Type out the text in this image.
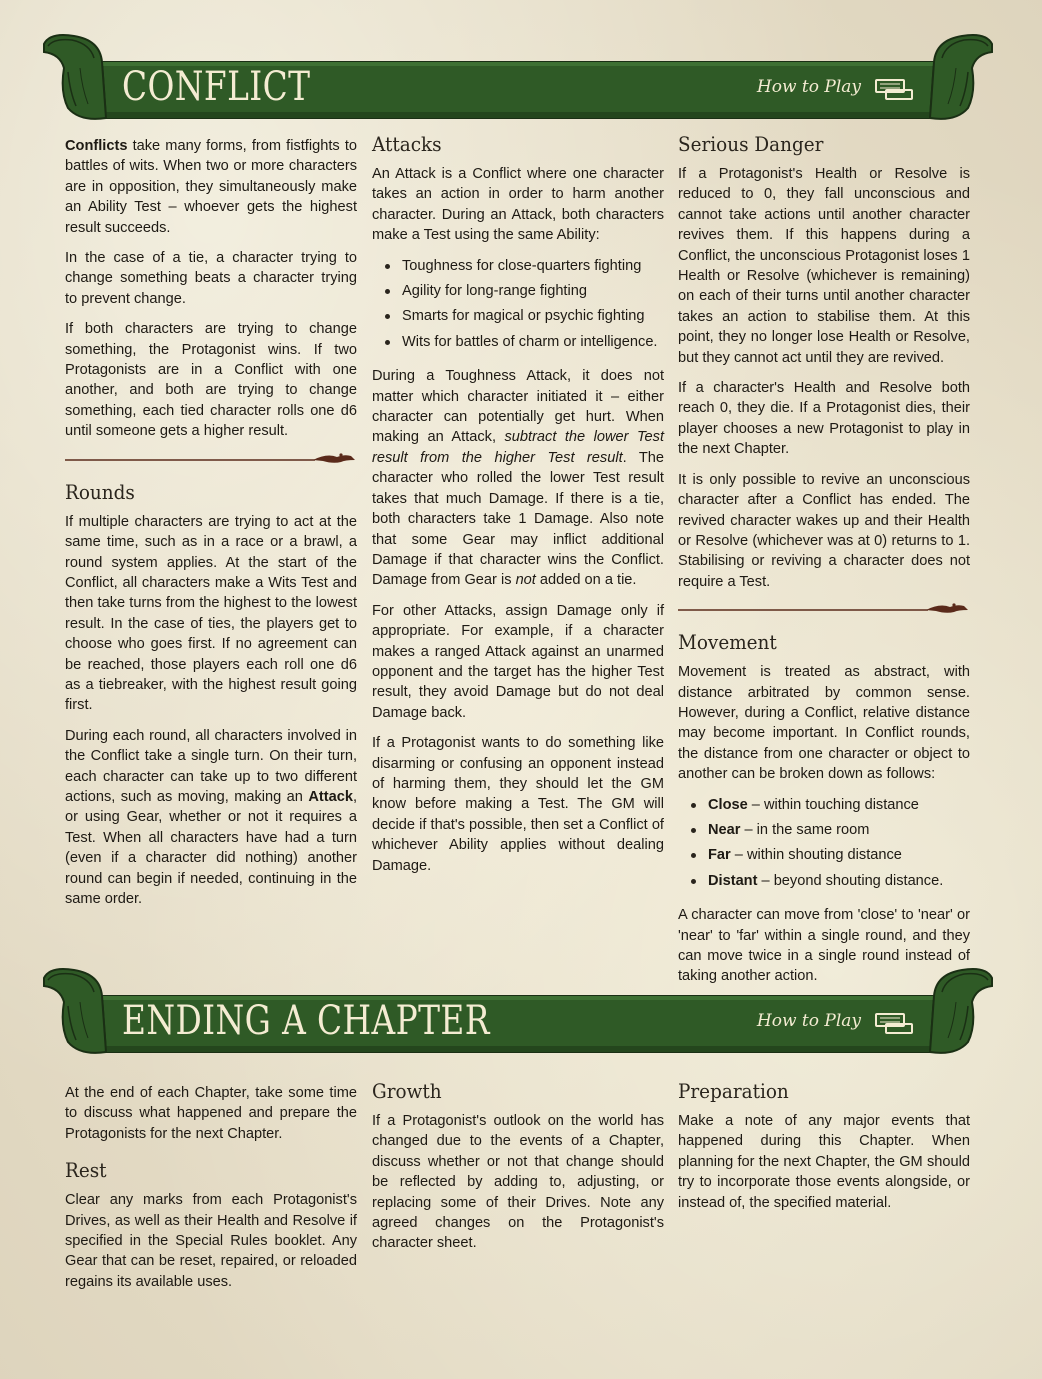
CONFLICT	How to Play

Conflicts take many forms, from fistfights to battles of wits. When two or more characters are in opposition, they simultaneously make an Ability Test – whoever gets the highest result succeeds.

In the case of a tie, a character trying to change something beats a character trying to prevent change.

If both characters are trying to change something, the Protagonist wins. If two Protagonists are in a Conflict with one another, and both are trying to change something, each tied character rolls one d6 until someone gets a higher result.

Rounds

If multiple characters are trying to act at the same time, such as in a race or a brawl, a round system applies. At the start of the Conflict, all characters make a Wits Test and then take turns from the highest to the lowest result. In the case of ties, the players get to choose who goes first. If no agreement can be reached, those players each roll one d6 as a tiebreaker, with the highest result going first.

During each round, all characters involved in the Conflict take a single turn. On their turn, each character can take up to two different actions, such as moving, making an Attack, or using Gear, whether or not it requires a Test. When all characters have had a turn (even if a character did nothing) another round can begin if needed, continuing in the same order.

Attacks

An Attack is a Conflict where one character takes an action in order to harm another character. During an Attack, both characters make a Test using the same Ability:

Toughness for close-quarters fighting
Agility for long-range fighting
Smarts for magical or psychic fighting
Wits for battles of charm or intelligence.

During a Toughness Attack, it does not matter which character initiated it – either character can potentially get hurt. When making an Attack, subtract the lower Test result from the higher Test result. The character who rolled the lower Test result takes that much Damage. If there is a tie, both characters take 1 Damage. Also note that some Gear may inflict additional Damage if that character wins the Conflict. Damage from Gear is not added on a tie.

For other Attacks, assign Damage only if appropriate. For example, if a character makes a ranged Attack against an unarmed opponent and the target has the higher Test result, they avoid Damage but do not deal Damage back.

If a Protagonist wants to do something like disarming or confusing an opponent instead of harming them, they should let the GM know before making a Test. The GM will decide if that's possible, then set a Conflict of whichever Ability applies without dealing Damage.

Serious Danger

If a Protagonist's Health or Resolve is reduced to 0, they fall unconscious and cannot take actions until another character revives them. If this happens during a Conflict, the unconscious Protagonist loses 1 Health or Resolve (whichever is remaining) on each of their turns until another character takes an action to stabilise them. At this point, they no longer lose Health or Resolve, but they cannot act until they are revived.

If a character's Health and Resolve both reach 0, they die. If a Protagonist dies, their player chooses a new Protagonist to play in the next Chapter.

It is only possible to revive an unconscious character after a Conflict has ended. The revived character wakes up and their Health or Resolve (whichever was at 0) returns to 1. Stabilising or reviving a character does not require a Test.

Movement

Movement is treated as abstract, with distance arbitrated by common sense. However, during a Conflict, relative distance may become important. In Conflict rounds, the distance from one character or object to another can be broken down as follows:

Close – within touching distance
Near – in the same room
Far – within shouting distance
Distant – beyond shouting distance.

A character can move from 'close' to 'near' or 'near' to 'far' within a single round, and they can move twice in a single round instead of taking another action.

ENDING A CHAPTER	How to Play

At the end of each Chapter, take some time to discuss what happened and prepare the Protagonists for the next Chapter.

Rest

Clear any marks from each Protagonist's Drives, as well as their Health and Resolve if specified in the Special Rules booklet. Any Gear that can be reset, repaired, or reloaded regains its available uses.

Growth

If a Protagonist's outlook on the world has changed due to the events of a Chapter, discuss whether or not that change should be reflected by adding to, adjusting, or replacing some of their Drives. Note any agreed changes on the Protagonist's character sheet.

Preparation

Make a note of any major events that happened during this Chapter. When planning for the next Chapter, the GM should try to incorporate those events alongside, or instead of, the specified material.
